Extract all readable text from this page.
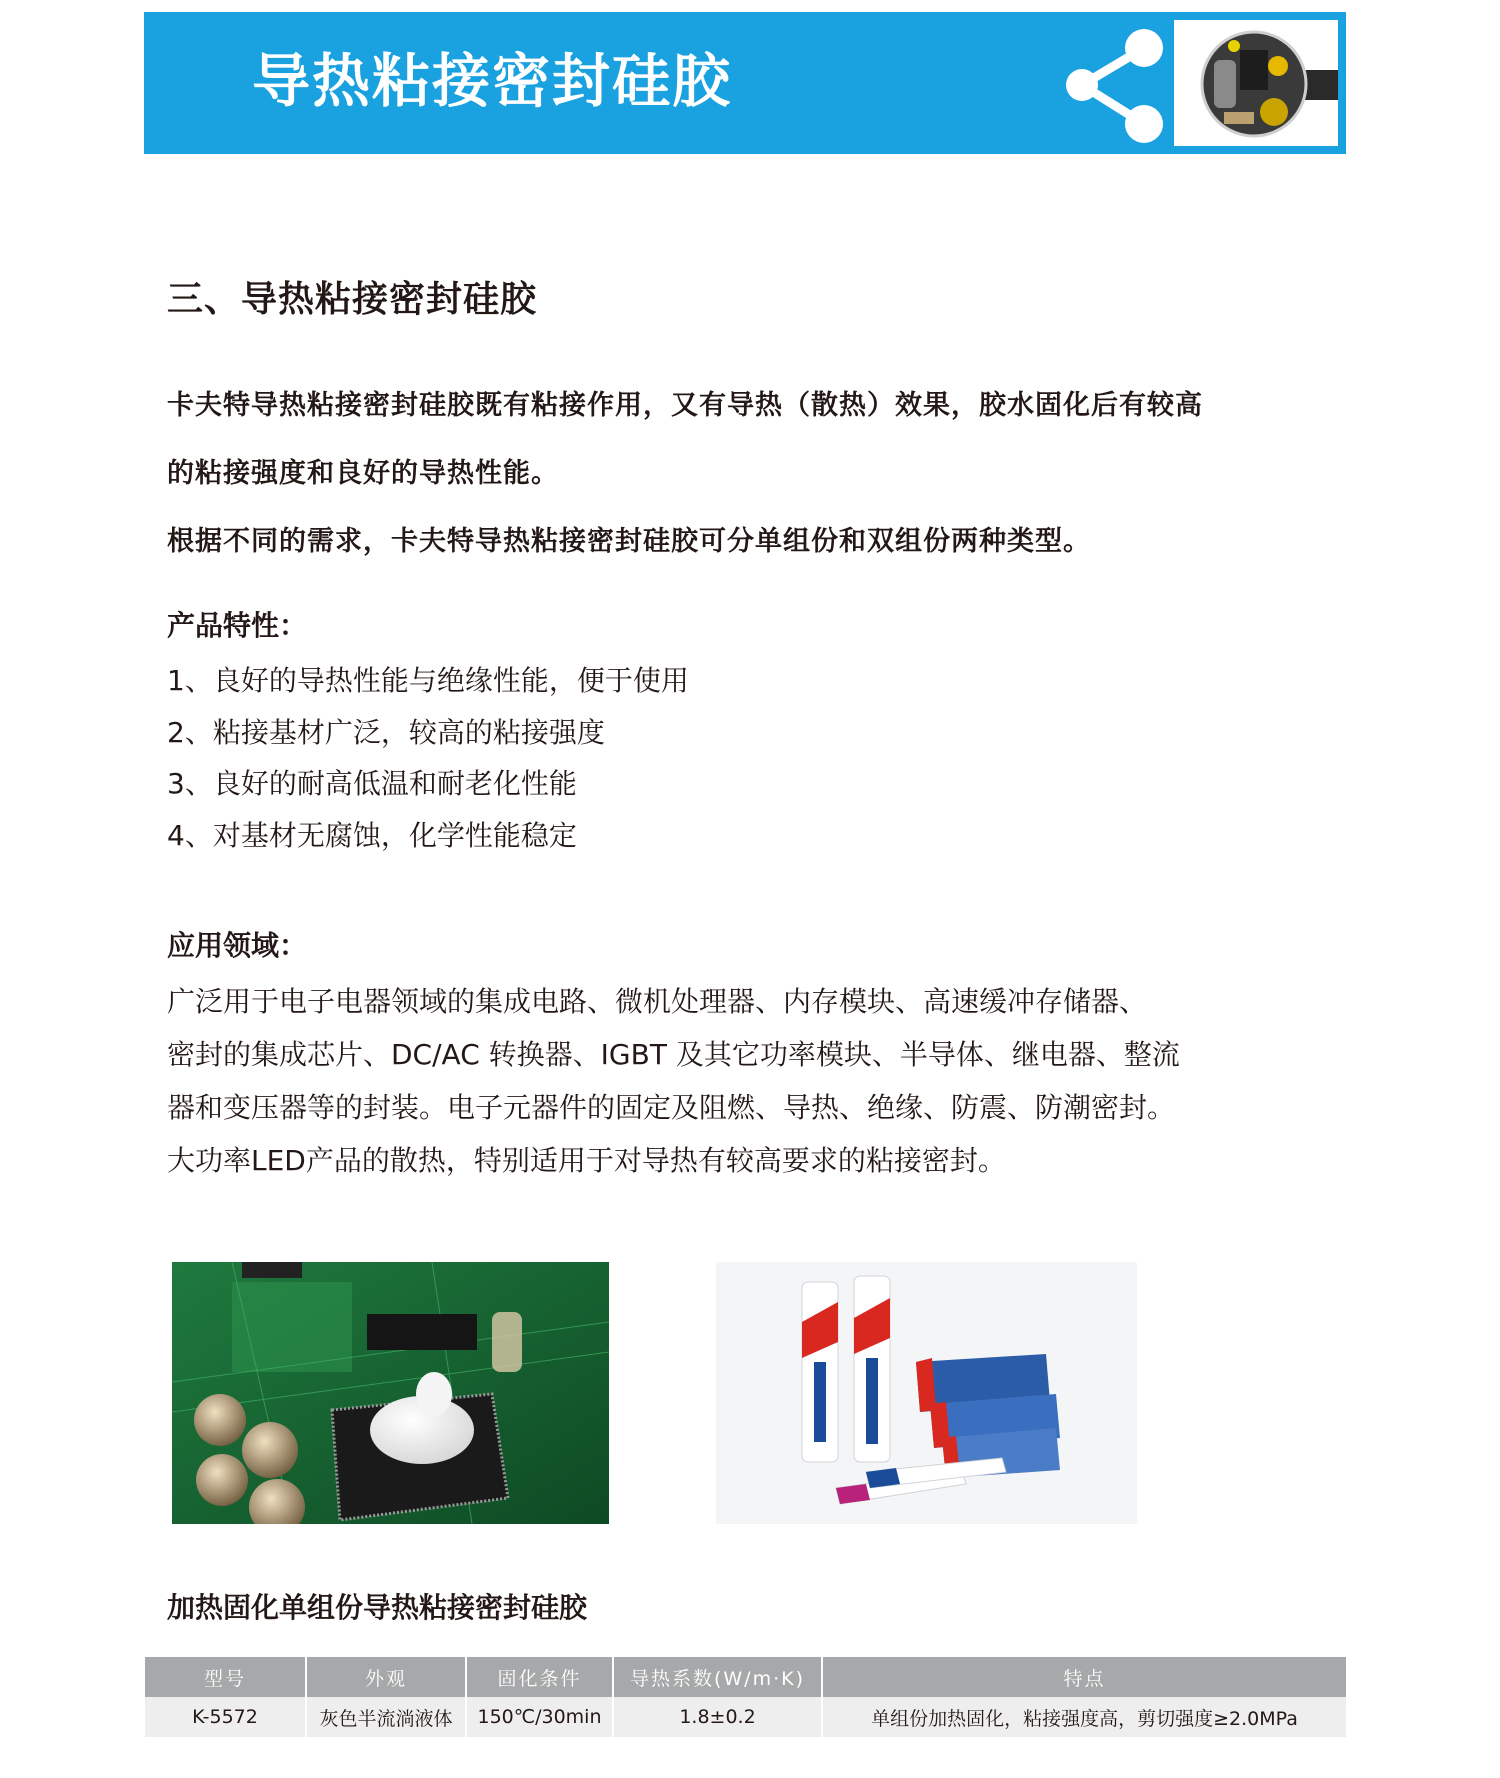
导热粘接密封硅胶
三、导热粘接密封硅胶

卡夫特导热粘接密封硅胶既有粘接作用，又有导热（散热）效果，胶水固化后有较高

的粘接强度和良好的导热性能。

根据不同的需求，卡夫特导热粘接密封硅胶可分单组份和双组份两种类型。

产品特性：
1、良好的导热性能与绝缘性能，便于使用
2、粘接基材广泛，较高的粘接强度
3、良好的耐高低温和耐老化性能
4、对基材无腐蚀，化学性能稳定
应用领域：

广泛用于电子电器领域的集成电路、微机处理器、内存模块、高速缓冲存储器、

密封的集成芯片、DC/AC 转换器、IGBT 及其它功率模块、半导体、继电器、整流

器和变压器等的封装。电子元器件的固定及阻燃、导热、绝缘、防震、防潮密封。

大功率LED产品的散热，特别适用于对导热有较高要求的粘接密封。

加热固化单组份导热粘接密封硅胶
型号	外观	固化条件	导热系数(W/m·K)	特点
K-5572	灰色半流淌液体	150℃/30min	1.8±0.2	单组份加热固化，粘接强度高，剪切强度≥2.0MPa
